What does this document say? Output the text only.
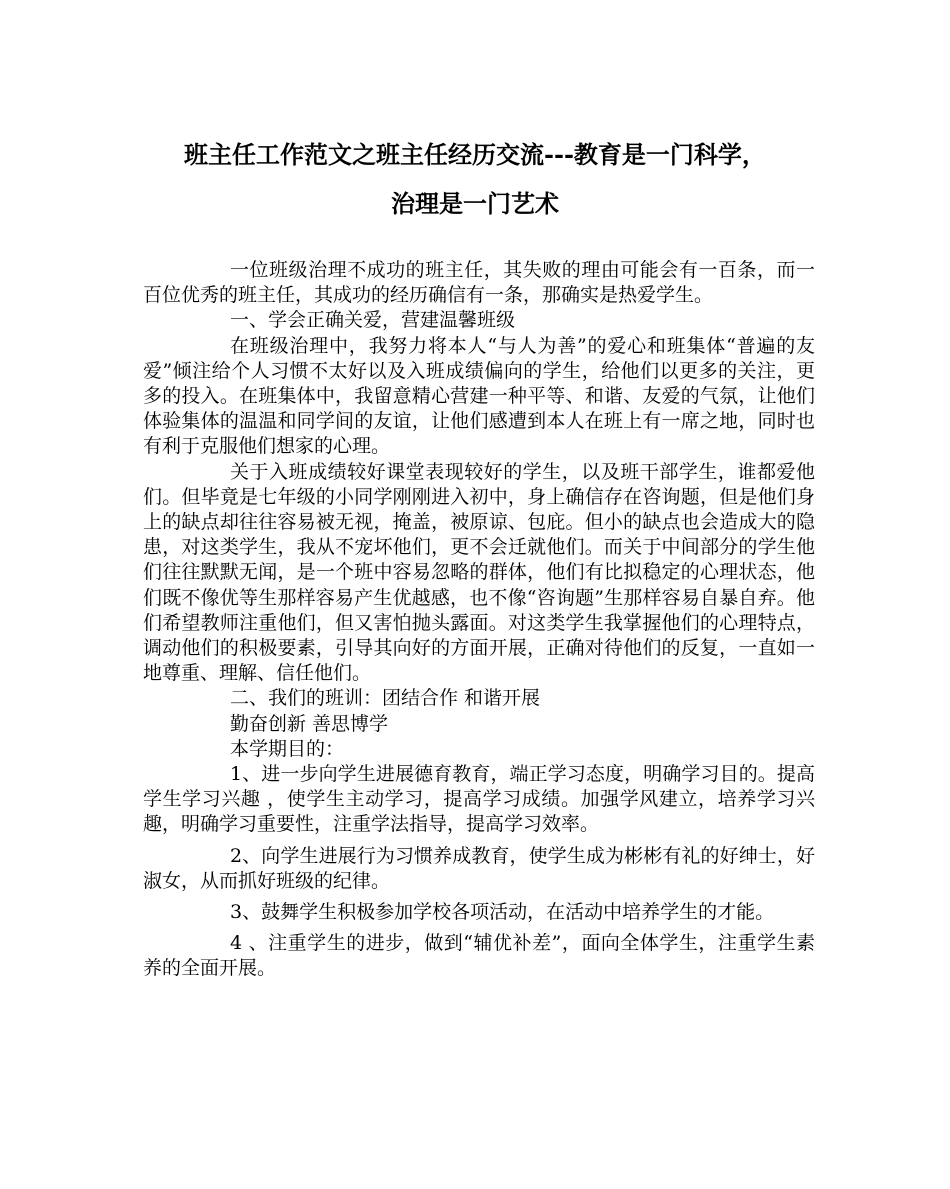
班主任工作范文之班主任经历交流---教育是一门科学，
治理是一门艺术

一位班级治理不成功的班主任，其失败的理由可能会有一百条，而一百位优秀的班主任，其成功的经历确信有一条，那确实是热爱学生。

一、学会正确关爱，营建温馨班级

在班级治理中，我努力将本人“与人为善”的爱心和班集体“普遍的友爱”倾注给个人习惯不太好以及入班成绩偏向的学生，给他们以更多的关注，更多的投入。在班集体中，我留意精心营建一种平等、和谐、友爱的气氛，让他们体验集体的温温和同学间的友谊，让他们感遭到本人在班上有一席之地，同时也有利于克服他们想家的心理。

关于入班成绩较好课堂表现较好的学生，以及班干部学生，谁都爱他们。但毕竟是七年级的小同学刚刚进入初中，身上确信存在咨询题，但是他们身上的缺点却往往容易被无视，掩盖，被原谅、包庇。但小的缺点也会造成大的隐患，对这类学生，我从不宠坏他们，更不会迁就他们。而关于中间部分的学生他们往往默默无闻，是一个班中容易忽略的群体，他们有比拟稳定的心理状态，他们既不像优等生那样容易产生优越感，也不像“咨询题”生那样容易自暴自弃。他们希望教师注重他们，但又害怕抛头露面。对这类学生我掌握他们的心理特点，调动他们的积极要素，引导其向好的方面开展，正确对待他们的反复，一直如一地尊重、理解、信任他们。

二、我们的班训：团结合作 和谐开展

勤奋创新 善思博学

本学期目的：

1、进一步向学生进展德育教育，端正学习态度，明确学习目的。提高学生学习兴趣 ，使学生主动学习，提高学习成绩。加强学风建立，培养学习兴趣，明确学习重要性，注重学法指导，提高学习效率。

2、向学生进展行为习惯养成教育，使学生成为彬彬有礼的好绅士，好淑女，从而抓好班级的纪律。

3、鼓舞学生积极参加学校各项活动，在活动中培养学生的才能。

4 、注重学生的进步，做到“辅优补差”，面向全体学生，注重学生素养的全面开展。
